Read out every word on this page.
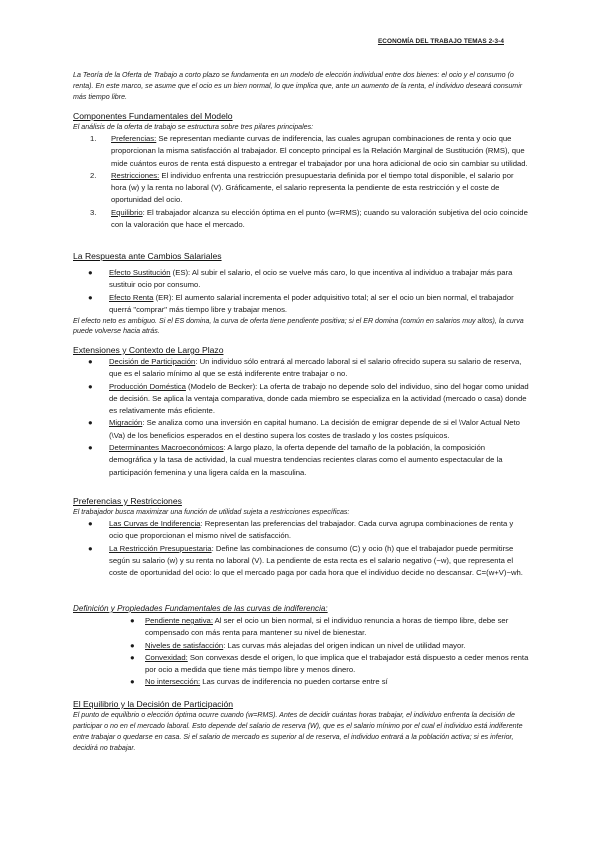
ECONOMÍA DEL TRABAJO TEMAS 2-3-4
La Teoría de la Oferta de Trabajo a corto plazo se fundamenta en un modelo de elección individual entre dos bienes: el ocio y el consumo (o renta). En este marco, se asume que el ocio es un bien normal, lo que implica que, ante un aumento de la renta, el individuo deseará consumir más tiempo libre.
Componentes Fundamentales del Modelo
El análisis de la oferta de trabajo se estructura sobre tres pilares principales:
1. Preferencias: Se representan mediante curvas de indiferencia, las cuales agrupan combinaciones de renta y ocio que proporcionan la misma satisfacción al trabajador. El concepto principal es la Relación Marginal de Sustitución (RMS), que mide cuántos euros de renta está dispuesto a entregar el trabajador por una hora adicional de ocio sin cambiar su utilidad.
2. Restricciones: El individuo enfrenta una restricción presupuestaria definida por el tiempo total disponible, el salario por hora (w) y la renta no laboral (V). Gráficamente, el salario representa la pendiente de esta restricción y el coste de oportunidad del ocio.
3. Equilibrio: El trabajador alcanza su elección óptima en el punto (w=RMS); cuando su valoración subjetiva del ocio coincide con la valoración que hace el mercado.
La Respuesta ante Cambios Salariales
● Efecto Sustitución (ES): Al subir el salario, el ocio se vuelve más caro, lo que incentiva al individuo a trabajar más para sustituir ocio por consumo.
● Efecto Renta (ER): El aumento salarial incrementa el poder adquisitivo total; al ser el ocio un bien normal, el trabajador querrá "comprar" más tiempo libre y trabajar menos.
El efecto neto es ambiguo. Si el ES domina, la curva de oferta tiene pendiente positiva; si el ER domina (común en salarios muy altos), la curva puede volverse hacia atrás.
Extensiones y Contexto de Largo Plazo
● Decisión de Participación: Un individuo sólo entrará al mercado laboral si el salario ofrecido supera su salario de reserva, que es el salario mínimo al que se está indiferente entre trabajar o no.
● Producción Doméstica (Modelo de Becker): La oferta de trabajo no depende solo del individuo, sino del hogar como unidad de decisión. Se aplica la ventaja comparativa, donde cada miembro se especializa en la actividad (mercado o casa) donde es relativamente más eficiente.
● Migración: Se analiza como una inversión en capital humano. La decisión de emigrar depende de si el \Valor Actual Neto (\Va) de los beneficios esperados en el destino supera los costes de traslado y los costes psíquicos.
● Determinantes Macroeconómicos: A largo plazo, la oferta depende del tamaño de la población, la composición demográfica y la tasa de actividad, la cual muestra tendencias recientes claras como el aumento espectacular de la participación femenina y una ligera caída en la masculina.
Preferencias y Restricciones
El trabajador busca maximizar una función de utilidad sujeta a restricciones específicas:
● Las Curvas de Indiferencia: Representan las preferencias del trabajador. Cada curva agrupa combinaciones de renta y ocio que proporcionan el mismo nivel de satisfacción.
● La Restricción Presupuestaria: Define las combinaciones de consumo (C) y ocio (h) que el trabajador puede permitirse según su salario (w) y su renta no laboral (V). La pendiente de esta recta es el salario negativo (−w), que representa el coste de oportunidad del ocio: lo que el mercado paga por cada hora que el individuo decide no descansar. C=(w+V)−wh.
Definición y Propiedades Fundamentales de las curvas de indiferencia:
● Pendiente negativa: Al ser el ocio un bien normal, si el individuo renuncia a horas de tiempo libre, debe ser compensado con más renta para mantener su nivel de bienestar.
● Niveles de satisfacción: Las curvas más alejadas del origen indican un nivel de utilidad mayor.
● Convexidad: Son convexas desde el origen, lo que implica que el trabajador está dispuesto a ceder menos renta por ocio a medida que tiene más tiempo libre y menos dinero.
● No intersección: Las curvas de indiferencia no pueden cortarse entre sí
El Equilibrio y la Decisión de Participación
El punto de equilibrio o elección óptima ocurre cuando (w=RMS). Antes de decidir cuántas horas trabajar, el individuo enfrenta la decisión de participar o no en el mercado laboral. Esto depende del salario de reserva (W), que es el salario mínimo por el cual el individuo está indiferente entre trabajar o quedarse en casa. Si el salario de mercado es superior al de reserva, el individuo entrará a la población activa; si es inferior, decidirá no trabajar.
